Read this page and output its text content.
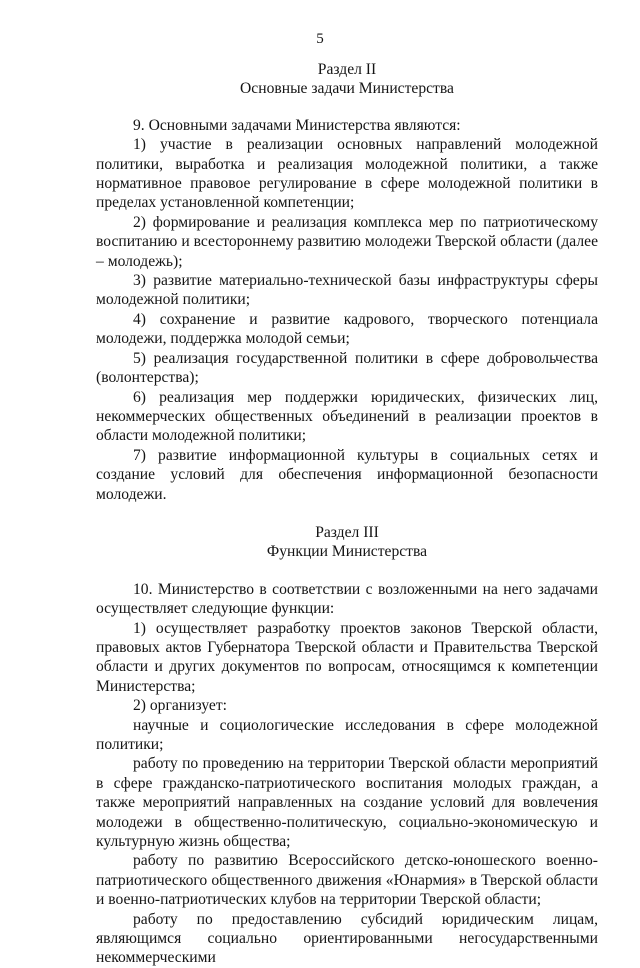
5
Раздел II
Основные задачи Министерства

9. Основными задачами Министерства являются:

1) участие в реализации основных направлений молодежной политики, выработка и реализация молодежной политики, а также нормативное правовое регулирование в сфере молодежной политики в пределах установленной компетенции;

2) формирование и реализация комплекса мер по патриотическому воспитанию и всестороннему развитию молодежи Тверской области (далее – молодежь);

3) развитие материально-технической базы инфраструктуры сферы молодежной политики;

4) сохранение и развитие кадрового, творческого потенциала молодежи, поддержка молодой семьи;

5) реализация государственной политики в сфере добровольчества (волонтерства);

6) реализация мер поддержки юридических, физических лиц, некоммерческих общественных объединений в реализации проектов в области молодежной политики;

7) развитие информационной культуры в социальных сетях и создание условий для обеспечения информационной безопасности молодежи.

Раздел III
Функции Министерства

10. Министерство в соответствии с возложенными на него задачами осуществляет следующие функции:

1) осуществляет разработку проектов законов Тверской области, правовых актов Губернатора Тверской области и Правительства Тверской области и других документов по вопросам, относящимся к компетенции Министерства;

2) организует:

научные и социологические исследования в сфере молодежной политики;

работу по проведению на территории Тверской области мероприятий в сфере гражданско-патриотического воспитания молодых граждан, а также мероприятий направленных на создание условий для вовлечения молодежи в общественно-политическую, социально-экономическую и культурную жизнь общества;

работу по развитию Всероссийского детско-юношеского военно-патриотического общественного движения «Юнармия» в Тверской области и военно-патриотических клубов на территории Тверской области;

работу по предоставлению субсидий юридическим лицам, являющимся социально ориентированными негосударственными некоммерческими
